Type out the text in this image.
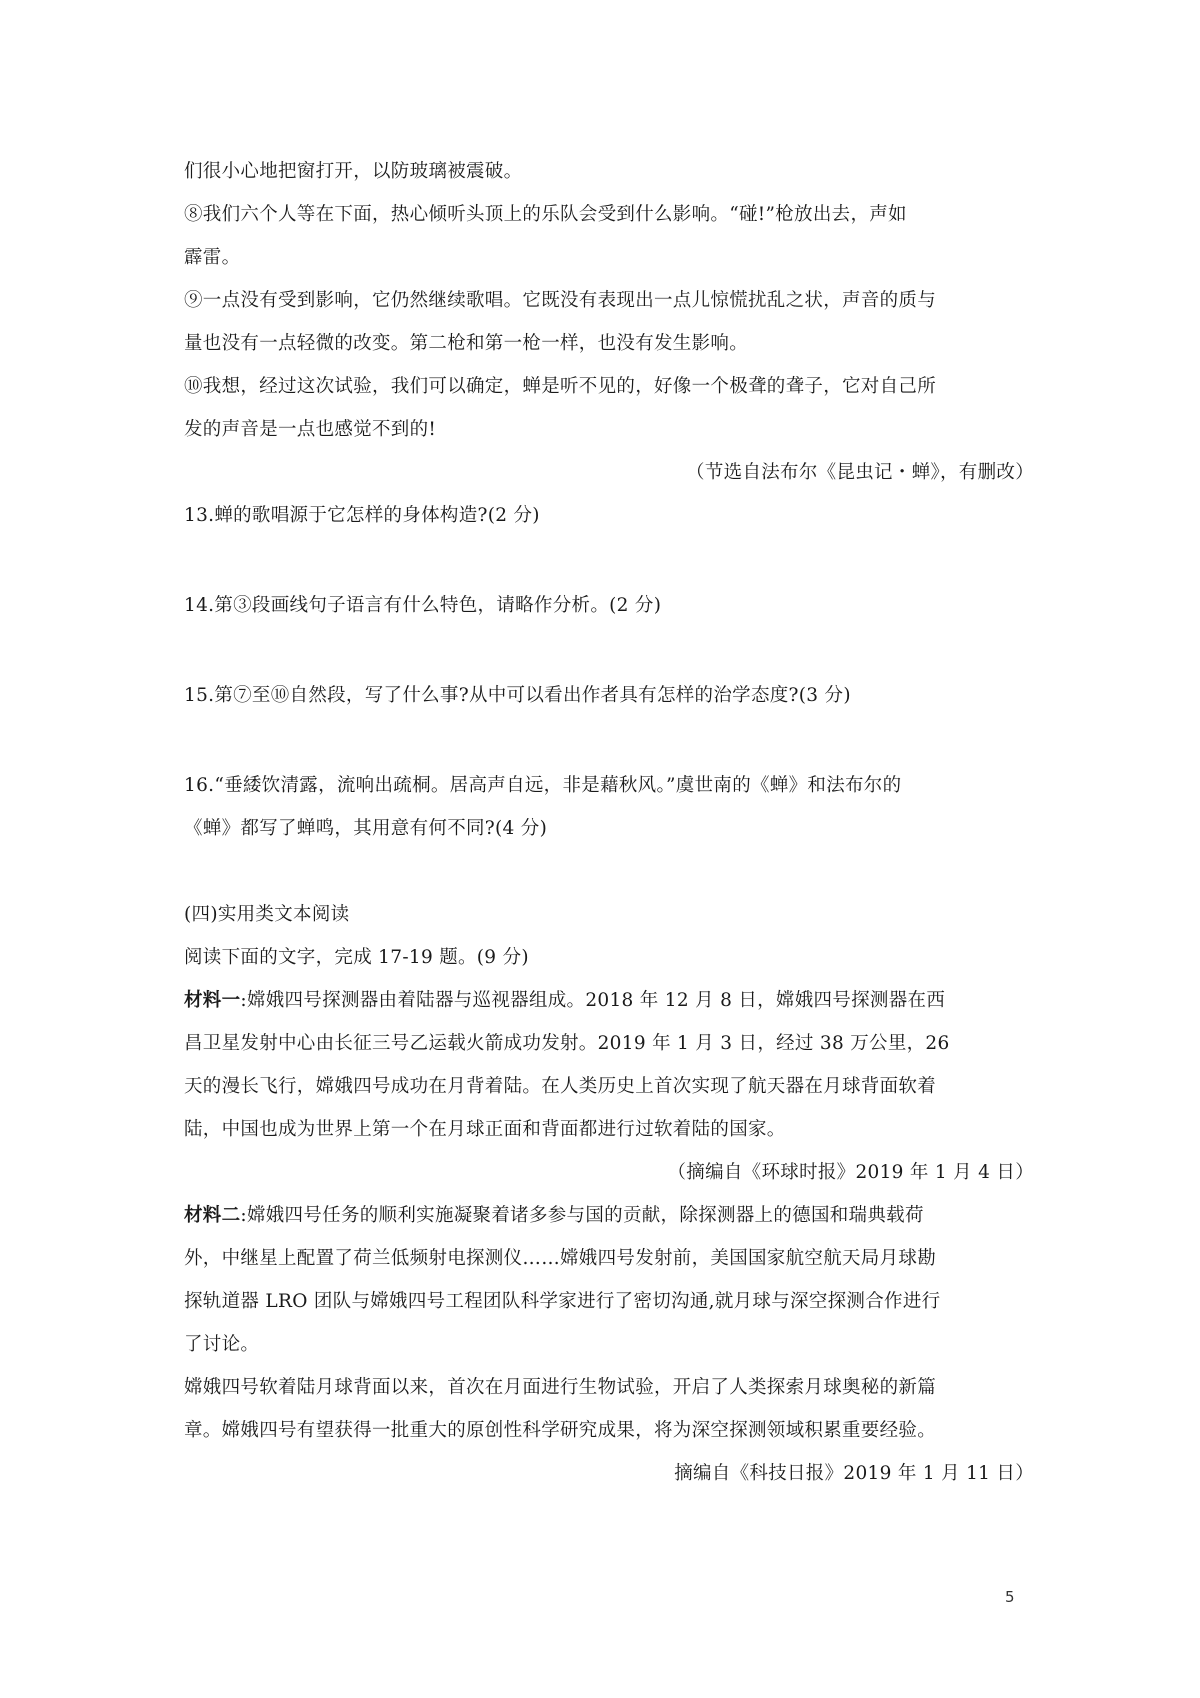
们很小心地把窗打开，以防玻璃被震破。

⑧我们六个人等在下面，热心倾听头顶上的乐队会受到什么影响。“碰!”枪放出去，声如

霹雷。

⑨一点没有受到影响，它仍然继续歌唱。它既没有表现出一点儿惊慌扰乱之状，声音的质与

量也没有一点轻微的改变。第二枪和第一枪一样，也没有发生影响。

⑩我想，经过这次试验，我们可以确定，蝉是听不见的，好像一个极聋的聋子，它对自己所

发的声音是一点也感觉不到的!

（节选自法布尔《昆虫记・蝉》，有删改）

13.蝉的歌唱源于它怎样的身体构造?(2 分)

14.第③段画线句子语言有什么特色，请略作分析。(2 分)

15.第⑦至⑩自然段，写了什么事?从中可以看出作者具有怎样的治学态度?(3 分)

16.“垂緌饮清露，流响出疏桐。居高声自远，非是藉秋风。”虞世南的《蝉》和法布尔的

《蝉》都写了蝉鸣，其用意有何不同?(4 分)

(四)实用类文本阅读

阅读下面的文字，完成 17-19 题。(9 分)

材料一:嫦娥四号探测器由着陆器与巡视器组成。2018 年 12 月 8 日，嫦娥四号探测器在西

昌卫星发射中心由长征三号乙运载火箭成功发射。2019 年 1 月 3 日，经过 38 万公里，26

天的漫长飞行，嫦娥四号成功在月背着陆。在人类历史上首次实现了航天器在月球背面软着

陆，中国也成为世界上第一个在月球正面和背面都进行过软着陆的国家。

（摘编自《环球时报》2019 年 1 月 4 日）

材料二:嫦娥四号任务的顺利实施凝聚着诸多参与国的贡献，除探测器上的德国和瑞典载荷

外，中继星上配置了荷兰低频射电探测仪……嫦娥四号发射前，美国国家航空航天局月球勘

探轨道器 LRO 团队与嫦娥四号工程团队科学家进行了密切沟通,就月球与深空探测合作进行

了讨论。

嫦娥四号软着陆月球背面以来，首次在月面进行生物试验，开启了人类探索月球奥秘的新篇

章。嫦娥四号有望获得一批重大的原创性科学研究成果，将为深空探测领域积累重要经验。

摘编自《科技日报》2019 年 1 月 11 日）

5
